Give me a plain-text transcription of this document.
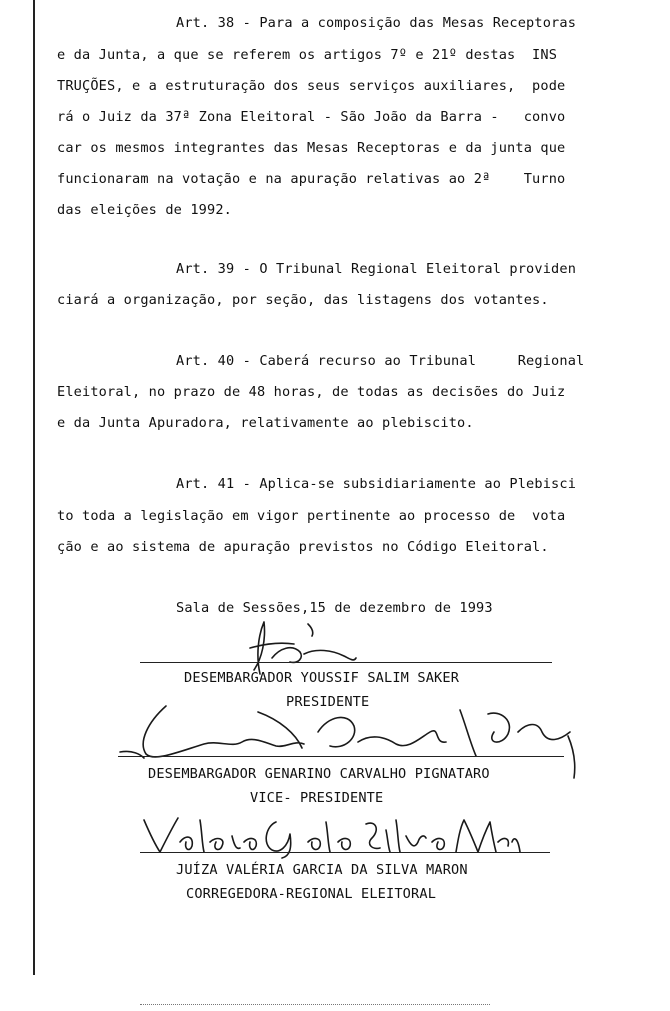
Art. 38 - Para a composição das Mesas Receptoras
e da Junta, a que se referem os artigos 7º e 21º destas  INS
TRUÇÕES, e a estruturação dos seus serviços auxiliares,  pode
rá o Juiz da 37ª Zona Eleitoral - São João da Barra -   convo
car os mesmos integrantes das Mesas Receptoras e da junta que
funcionaram na votação e na apuração relativas ao 2ª    Turno
das eleições de 1992.
Art. 39 - O Tribunal Regional Eleitoral providen
ciará a organização, por seção, das listagens dos votantes.
Art. 40 - Caberá recurso ao Tribunal     Regional
Eleitoral, no prazo de 48 horas, de todas as decisões do Juiz
e da Junta Apuradora, relativamente ao plebiscito.
Art. 41 - Aplica-se subsidiariamente ao Plebisci
to toda a legislação em vigor pertinente ao processo de  vota
ção e ao sistema de apuração previstos no Código Eleitoral.
Sala de Sessões,15 de dezembro de 1993
DESEMBARGADOR YOUSSIF SALIM SAKER
PRESIDENTE
DESEMBARGADOR GENARINO CARVALHO PIGNATARO
VICE- PRESIDENTE
JUÍZA VALÉRIA GARCIA DA SILVA MARON
CORREGEDORA-REGIONAL ELEITORAL
